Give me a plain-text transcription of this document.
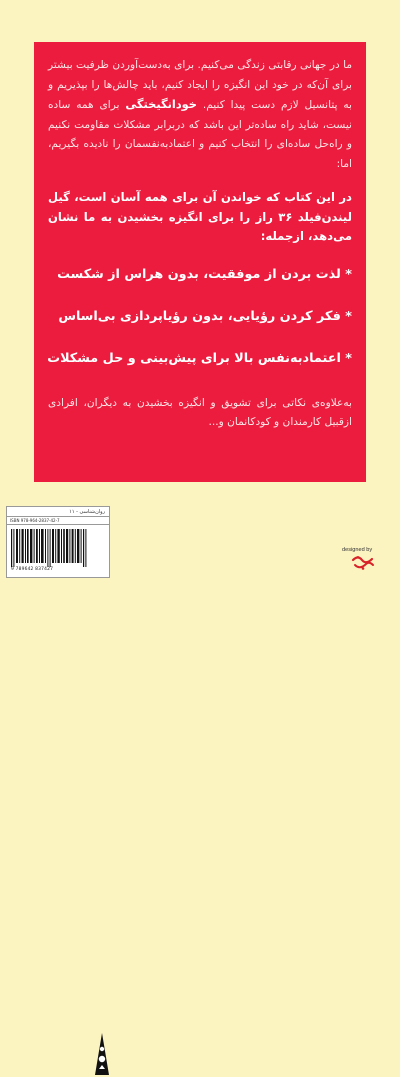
ما در جهانی رقابتی زندگی می‌کنیم. برای به‌دست‌آوردن ظرفیت بیشتر برای آن‌که در خود این انگیزه را ایجاد کنیم، باید چالش‌ها را بپذیریم و به پتانسیل لازم دست پیدا کنیم. خودانگیختگی برای همه ساده نیست، شاید راه ساده‌تر این باشد که دربرابر مشکلات مقاومت نکنیم و راه‌حل ساده‌ای را انتخاب کنیم و اعتمادبه‌نفسمان را نادیده بگیریم، اما:

در این کتاب که خواندن آن برای همه آسان است، گیل لیندن‌فیلد ۳۶ راز را برای انگیزه بخشیدن به ما نشان می‌دهد، ازجمله:

* لذت بردن از موفقیت، بدون هراس از شکست

* فکر کردن رؤیایی، بدون رؤیاپردازی بی‌اساس

* اعتمادبه‌نفس بالا برای پیش‌بینی و حل مشکلات

به‌علاوه‌ی نکاتی برای تشویق و انگیزه بخشیدن به دیگران، افرادی ازقبیل کارمندان و کودکانمان و...

روان‌شناسی - ۱۱
ISBN 978-964-2837-42-7
9 789642 837427
designed by
